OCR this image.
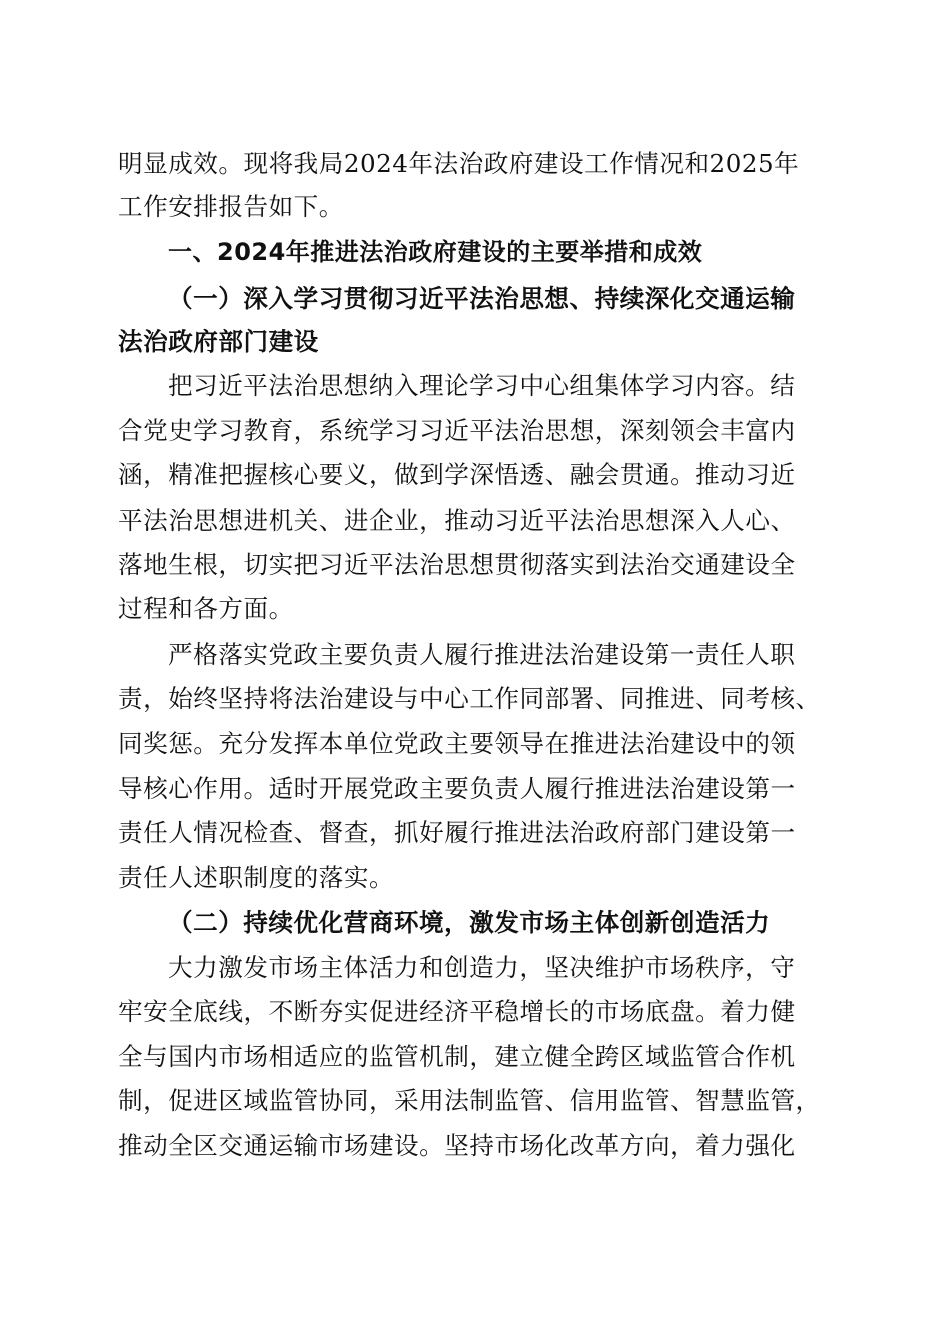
明显成效。现将我局2024年法治政府建设工作情况和2025年
工作安排报告如下。
一、2024年推进法治政府建设的主要举措和成效
（一）深入学习贯彻习近平法治思想、持续深化交通运输
法治政府部门建设
把习近平法治思想纳入理论学习中心组集体学习内容。结
合党史学习教育，系统学习习近平法治思想，深刻领会丰富内
涵，精准把握核心要义，做到学深悟透、融会贯通。推动习近
平法治思想进机关、进企业，推动习近平法治思想深入人心、
落地生根，切实把习近平法治思想贯彻落实到法治交通建设全
过程和各方面。
严格落实党政主要负责人履行推进法治建设第一责任人职
责，始终坚持将法治建设与中心工作同部署、同推进、同考核、
同奖惩。充分发挥本单位党政主要领导在推进法治建设中的领
导核心作用。适时开展党政主要负责人履行推进法治建设第一
责任人情况检查、督查，抓好履行推进法治政府部门建设第一
责任人述职制度的落实。
（二）持续优化营商环境，激发市场主体创新创造活力
大力激发市场主体活力和创造力，坚决维护市场秩序，守
牢安全底线，不断夯实促进经济平稳增长的市场底盘。着力健
全与国内市场相适应的监管机制，建立健全跨区域监管合作机
制，促进区域监管协同，采用法制监管、信用监管、智慧监管，
推动全区交通运输市场建设。坚持市场化改革方向，着力强化
